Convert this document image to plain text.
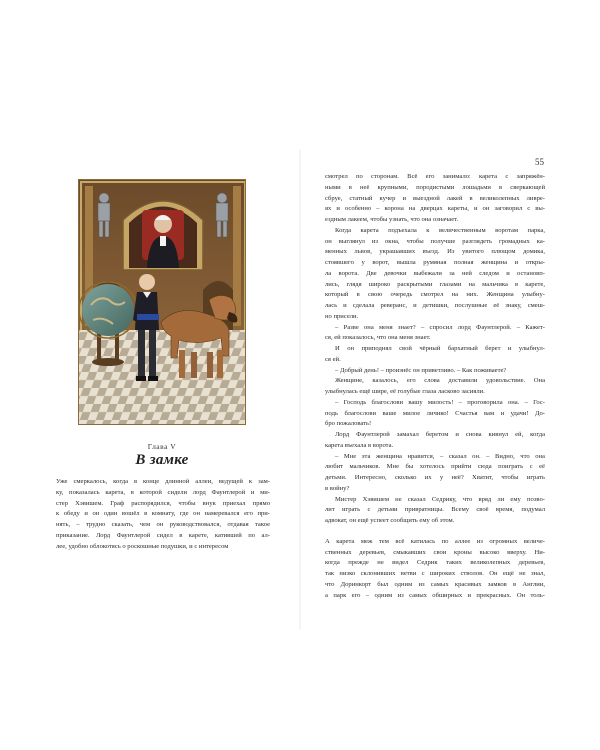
55
Глава V
В замке
Уже смеркалось, когда в конце длинной аллеи, ведущей к зам-
ку, показалась карета, в которой сидели лорд Фаунтлерой и ми-
стер Хэвишем. Граф распорядился, чтобы внук приехал прямо
к обеду и он один вошёл в комнату, где он намеревался его при-
нять, – трудно сказать, чем он руководствовался, отдавая такое
приказание. Лорд Фаунтлерой сидел в карете, катившей по ал-
лее, удобно облокотясь о роскошные подушки, и с интересом
смотрел по сторонам. Всё его занимало: карета с запряжён-
ными в неё крупными, породистыми лошадьми в сверкающей
сбруе, статный кучер и выездной лакей в великолепных ливре-
ях и особенно – корона на дверцах кареты, и он заговорил с вы-
ездным лакеем, чтобы узнать, что она означает.
Когда карета подъехала к величественным воротам парка,
он выглянул из окна, чтобы получше разглядеть громадных ка-
менных львов, украшавших въезд. Из увитого плющом домика,
стоявшего у ворот, вышла румяная полная женщина и откры-
ла ворота. Две девочки выбежали за ней следом и остановп-
лись, глядя широко раскрытыми глазами на мальчика в карете,
который в свою очередь смотрел на них. Женщина улыбну-
лась и сделала реверанс, и детишки, послушные её знаку, смеш-
но присели.
– Разве она меня знает? – спросил лорд Фаунтлерой. – Кажет-
ся, ей показалось, что она меня знает.
И он приподнял свой чёрный бархатный берет и улыбнул-
ся ей.
– Добрый день! – произнёс он приветливо. – Как поживаете?
Женщине, казалось, его слова доставили удовольствие. Она
улыбнулась ещё шире, её голубые глаза ласково засияли.
– Господь благослови вашу милость! – проговорила она. – Гос-
подь благослови ваше милое личико! Счастья вам и удачи! До-
бро пожаловать!
Лорд Фаунтлерой замахал беретом и снова кивнул ей, когда
карета въехала в ворота.
– Мне эта женщина нравится, – сказал он. – Видно, что она
любит мальчиков. Мне бы хотелось прийти сюда поиграть с её
детьми. Интересно, сколько их у неё? Хватит, чтобы играть
в войну?
Мистер Хэвишем не сказал Седрику, что вряд ли ему позво-
лит играть с детьми привратницы. Всему своё время, подумал
адвокат, он ещё успеет сообщить ему об этом.
А карета меж тем всё катилась по аллее из огромных величе-
ственных деревьев, смыкавших свои кроны высоко вверху. Ни-
когда прежде не видел Седрик таких великолепных деревьев,
так низко склонивших ветви с широких стволов. Он ещё не знал,
что Доринкорт был одним из самых красивых замков в Англии,
а парк его – одним из самых обширных и прекрасных. Он толь-
